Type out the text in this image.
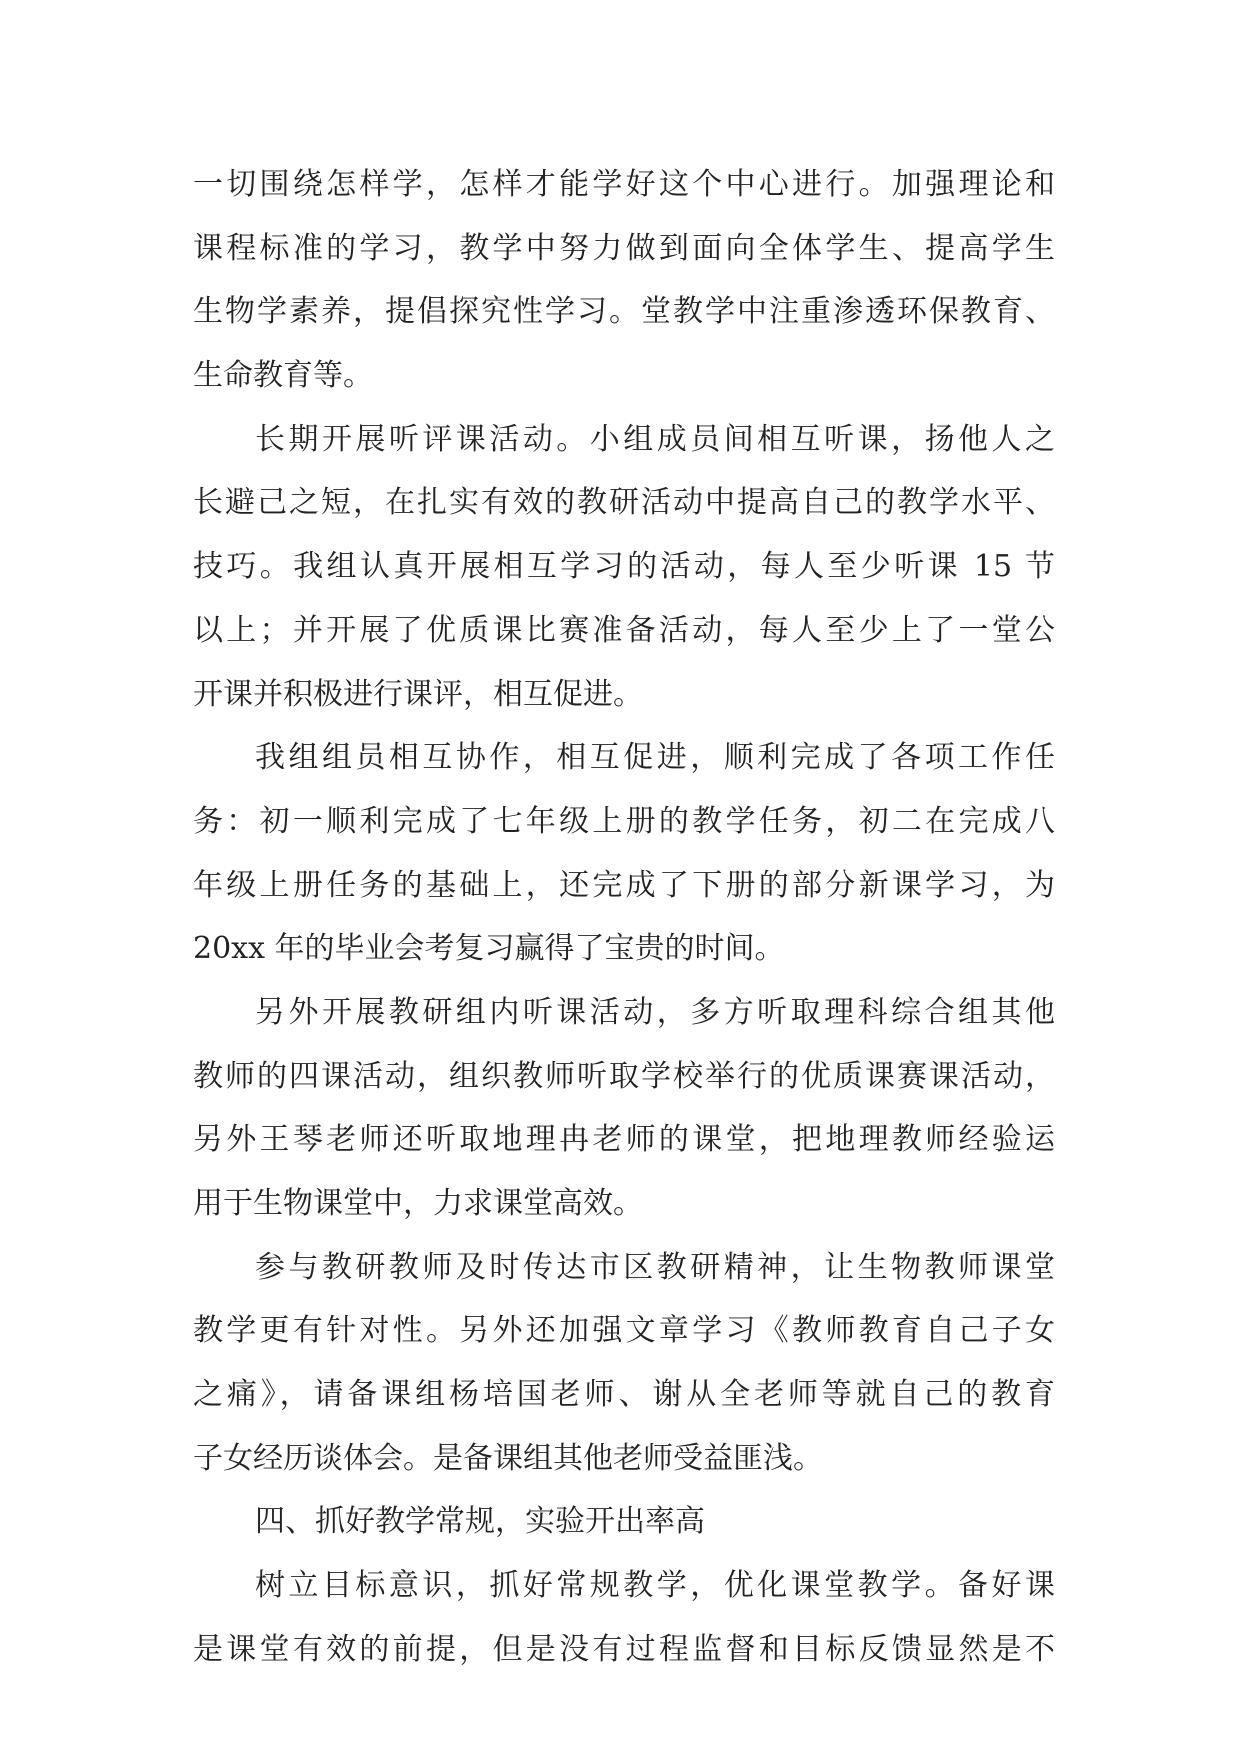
一切围绕怎样学，怎样才能学好这个中心进行。加强理论和
课程标准的学习，教学中努力做到面向全体学生、提高学生
生物学素养，提倡探究性学习。堂教学中注重渗透环保教育、
生命教育等。
长期开展听评课活动。小组成员间相互听课，扬他人之
长避己之短，在扎实有效的教研活动中提高自己的教学水平、
技巧。我组认真开展相互学习的活动，每人至少听课 15 节
以上；并开展了优质课比赛准备活动，每人至少上了一堂公
开课并积极进行课评，相互促进。
我组组员相互协作，相互促进，顺利完成了各项工作任
务：初一顺利完成了七年级上册的教学任务，初二在完成八
年级上册任务的基础上，还完成了下册的部分新课学习，为
20xx 年的毕业会考复习赢得了宝贵的时间。
另外开展教研组内听课活动，多方听取理科综合组其他
教师的四课活动，组织教师听取学校举行的优质课赛课活动，
另外王琴老师还听取地理冉老师的课堂，把地理教师经验运
用于生物课堂中，力求课堂高效。
参与教研教师及时传达市区教研精神，让生物教师课堂
教学更有针对性。另外还加强文章学习《教师教育自己子女
之痛》，请备课组杨培国老师、谢从全老师等就自己的教育
子女经历谈体会。是备课组其他老师受益匪浅。
四、抓好教学常规，实验开出率高
树立目标意识，抓好常规教学，优化课堂教学。备好课
是课堂有效的前提，但是没有过程监督和目标反馈显然是不
